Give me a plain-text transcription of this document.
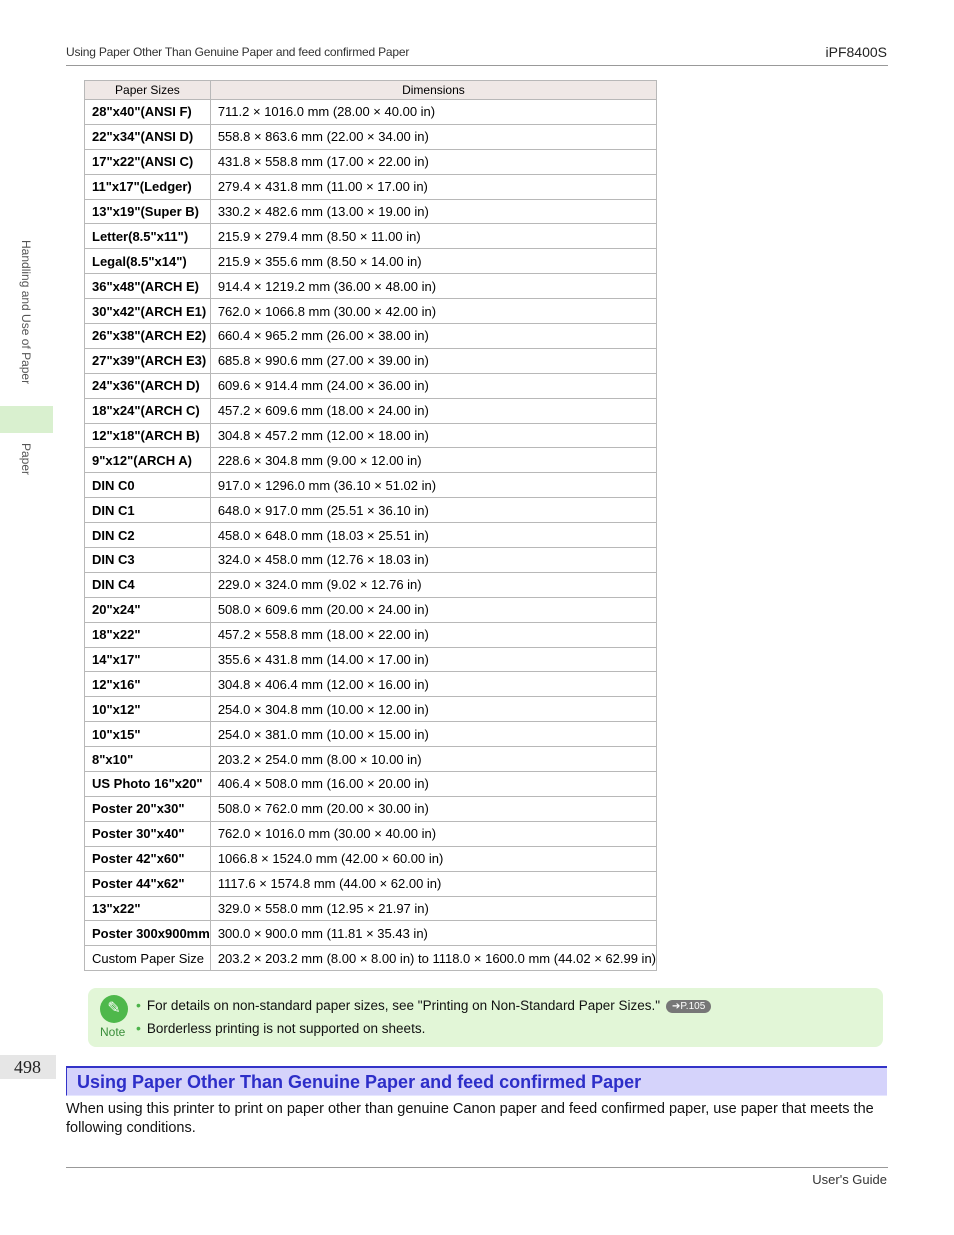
Using Paper Other Than Genuine Paper and feed confirmed Paper	iPF8400S
Handling and Use of Paper
Paper
Paper Sizes	Dimensions
28"x40"(ANSI F)	711.2 × 1016.0 mm (28.00 × 40.00 in)
22"x34"(ANSI D)	558.8 × 863.6 mm (22.00 × 34.00 in)
17"x22"(ANSI C)	431.8 × 558.8 mm (17.00 × 22.00 in)
11"x17"(Ledger)	279.4 × 431.8 mm (11.00 × 17.00 in)
13"x19"(Super B)	330.2 × 482.6 mm (13.00 × 19.00 in)
Letter(8.5"x11")	215.9 × 279.4 mm (8.50 × 11.00 in)
Legal(8.5"x14")	215.9 × 355.6 mm (8.50 × 14.00 in)
36"x48"(ARCH E)	914.4 × 1219.2 mm (36.00 × 48.00 in)
30"x42"(ARCH E1)	762.0 × 1066.8 mm (30.00 × 42.00 in)
26"x38"(ARCH E2)	660.4 × 965.2 mm (26.00 × 38.00 in)
27"x39"(ARCH E3)	685.8 × 990.6 mm (27.00 × 39.00 in)
24"x36"(ARCH D)	609.6 × 914.4 mm (24.00 × 36.00 in)
18"x24"(ARCH C)	457.2 × 609.6 mm (18.00 × 24.00 in)
12"x18"(ARCH B)	304.8 × 457.2 mm (12.00 × 18.00 in)
9"x12"(ARCH A)	228.6 × 304.8 mm (9.00 × 12.00 in)
DIN C0	917.0 × 1296.0 mm (36.10 × 51.02 in)
DIN C1	648.0 × 917.0 mm (25.51 × 36.10 in)
DIN C2	458.0 × 648.0 mm (18.03 × 25.51 in)
DIN C3	324.0 × 458.0 mm (12.76 × 18.03 in)
DIN C4	229.0 × 324.0 mm (9.02 × 12.76 in)
20"x24"	508.0 × 609.6 mm (20.00 × 24.00 in)
18"x22"	457.2 × 558.8 mm (18.00 × 22.00 in)
14"x17"	355.6 × 431.8 mm (14.00 × 17.00 in)
12"x16"	304.8 × 406.4 mm (12.00 × 16.00 in)
10"x12"	254.0 × 304.8 mm (10.00 × 12.00 in)
10"x15"	254.0 × 381.0 mm (10.00 × 15.00 in)
8"x10"	203.2 × 254.0 mm (8.00 × 10.00 in)
US Photo 16"x20"	406.4 × 508.0 mm (16.00 × 20.00 in)
Poster 20"x30"	508.0 × 762.0 mm (20.00 × 30.00 in)
Poster 30"x40"	762.0 × 1016.0 mm (30.00 × 40.00 in)
Poster 42"x60"	1066.8 × 1524.0 mm (42.00 × 60.00 in)
Poster 44"x62"	1117.6 × 1574.8 mm (44.00 × 62.00 in)
13"x22"	329.0 × 558.0 mm (12.95 × 21.97 in)
Poster 300x900mm	300.0 × 900.0 mm (11.81 × 35.43 in)
Custom Paper Size	203.2 × 203.2 mm (8.00 × 8.00 in) to 1118.0 × 1600.0 mm (44.02 × 62.99 in)
✎
Note
• For details on non-standard paper sizes, see "Printing on Non-Standard Paper Sizes." ➔P.105
• Borderless printing is not supported on sheets.
498
Using Paper Other Than Genuine Paper and feed confirmed Paper
When using this printer to print on paper other than genuine Canon paper and feed confirmed paper, use paper that meets the following conditions.
User's Guide
